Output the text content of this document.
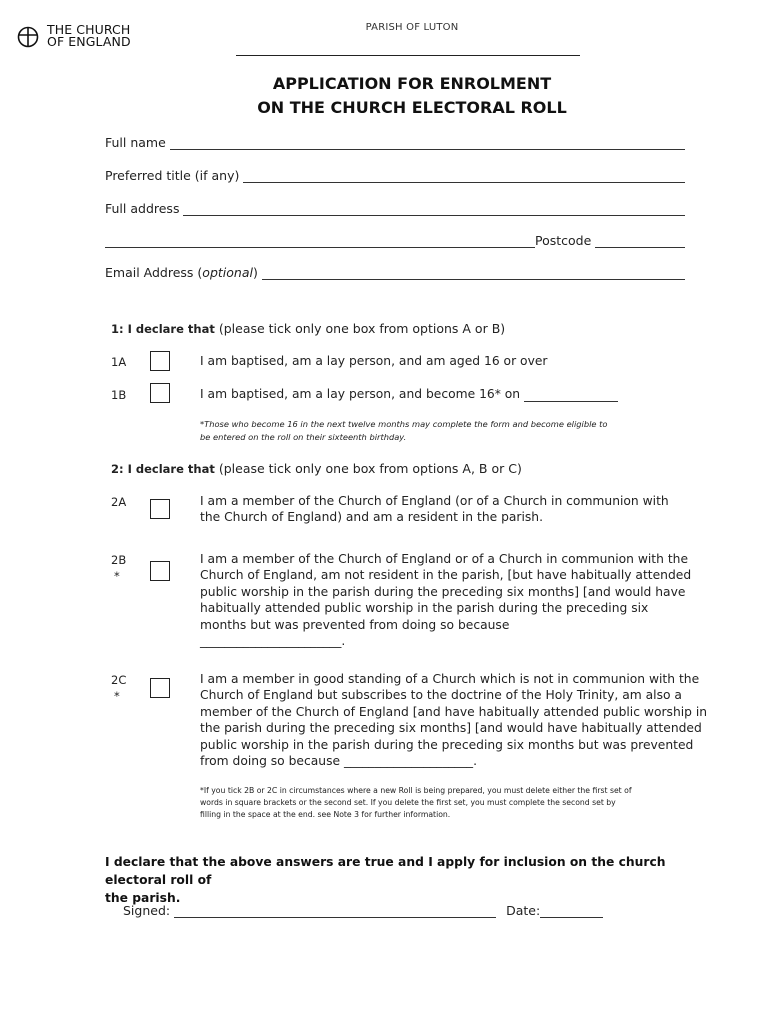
THE CHURCH
OF ENGLAND
PARISH OF LUTON
APPLICATION FOR ENROLMENT
ON THE CHURCH ELECTORAL ROLL
Full name
Preferred title (if any)
Full address
Postcode
Email Address (optional)
1: I declare that (please tick only one box from options A or B)
1A	I am baptised, am a lay person, and am aged 16 or over
1B	I am baptised, am a lay person, and become 16* on
*Those who become 16 in the next twelve months may complete the form and become eligible to
be entered on the roll on their sixteenth birthday.
2: I declare that (please tick only one box from options A, B or C)
2A	I am a member of the Church of England (or of a Church in communion with
the Church of England) and am a resident in the parish.
2B
*
I am a member of the Church of England or of a Church in communion with the
Church of England, am not resident in the parish, [but have habitually attended
public worship in the parish during the preceding six months] [and would have
habitually attended public worship in the parish during the preceding six
months but was prevented from doing so because
_______________________.
2C
*
I am a member in good standing of a Church which is not in communion with the
Church of England but subscribes to the doctrine of the Holy Trinity, am also a
member of the Church of England [and have habitually attended public worship in
the parish during the preceding six months] [and would have habitually attended
public worship in the parish during the preceding six months but was prevented
from doing so because _____________________.
*If you tick 2B or 2C in circumstances where a new Roll is being prepared, you must delete either the first set of
words in square brackets or the second set. If you delete the first set, you must complete the second set by
filling in the space at the end. see Note 3 for further information.
I declare that the above answers are true and I apply for inclusion on the church electoral roll of
the parish.
Signed:	Date:
